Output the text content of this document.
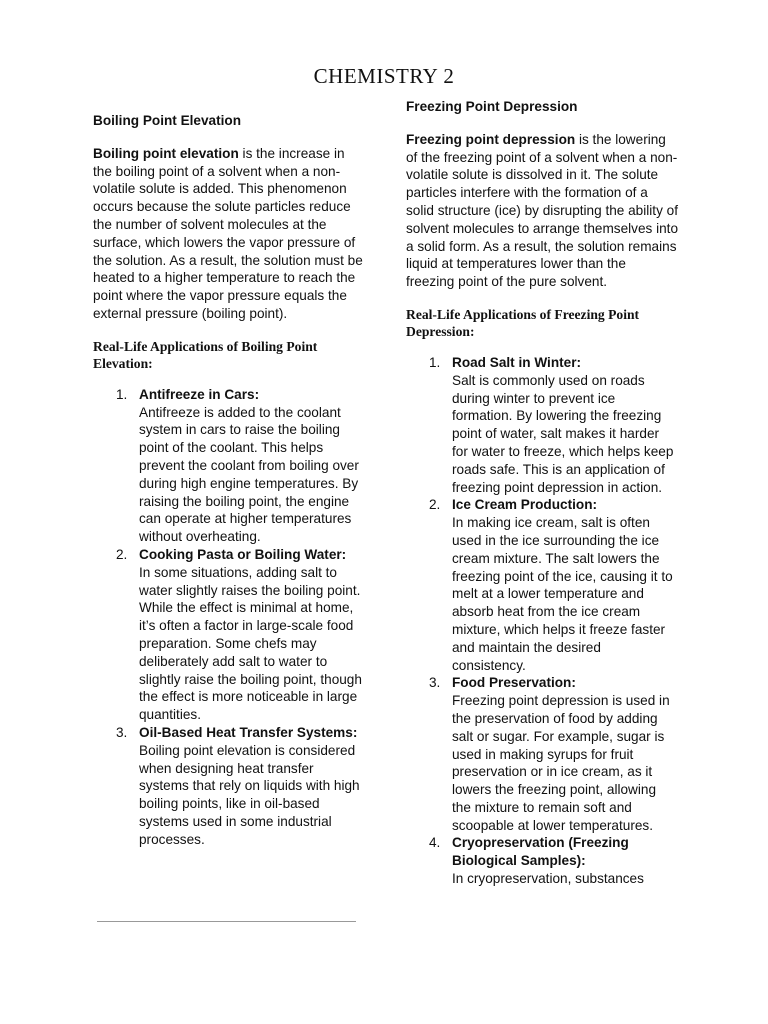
CHEMISTRY 2
Boiling Point Elevation
Boiling point elevation is the increase in the boiling point of a solvent when a non-volatile solute is added. This phenomenon occurs because the solute particles reduce the number of solvent molecules at the surface, which lowers the vapor pressure of the solution. As a result, the solution must be heated to a higher temperature to reach the point where the vapor pressure equals the external pressure (boiling point).
Real-Life Applications of Boiling Point Elevation:
1. Antifreeze in Cars:
Antifreeze is added to the coolant system in cars to raise the boiling point of the coolant. This helps prevent the coolant from boiling over during high engine temperatures. By raising the boiling point, the engine can operate at higher temperatures without overheating.
2. Cooking Pasta or Boiling Water:
In some situations, adding salt to water slightly raises the boiling point. While the effect is minimal at home, it’s often a factor in large-scale food preparation. Some chefs may deliberately add salt to water to slightly raise the boiling point, though the effect is more noticeable in large quantities.
3. Oil-Based Heat Transfer Systems:
Boiling point elevation is considered when designing heat transfer systems that rely on liquids with high boiling points, like in oil-based systems used in some industrial processes.
Freezing Point Depression
Freezing point depression is the lowering of the freezing point of a solvent when a non-volatile solute is dissolved in it. The solute particles interfere with the formation of a solid structure (ice) by disrupting the ability of solvent molecules to arrange themselves into a solid form. As a result, the solution remains liquid at temperatures lower than the freezing point of the pure solvent.
Real-Life Applications of Freezing Point Depression:
1. Road Salt in Winter:
Salt is commonly used on roads during winter to prevent ice formation. By lowering the freezing point of water, salt makes it harder for water to freeze, which helps keep roads safe. This is an application of freezing point depression in action.
2. Ice Cream Production:
In making ice cream, salt is often used in the ice surrounding the ice cream mixture. The salt lowers the freezing point of the ice, causing it to melt at a lower temperature and absorb heat from the ice cream mixture, which helps it freeze faster and maintain the desired consistency.
3. Food Preservation:
Freezing point depression is used in the preservation of food by adding salt or sugar. For example, sugar is used in making syrups for fruit preservation or in ice cream, as it lowers the freezing point, allowing the mixture to remain soft and scoopable at lower temperatures.
4. Cryopreservation (Freezing Biological Samples):
In cryopreservation, substances
